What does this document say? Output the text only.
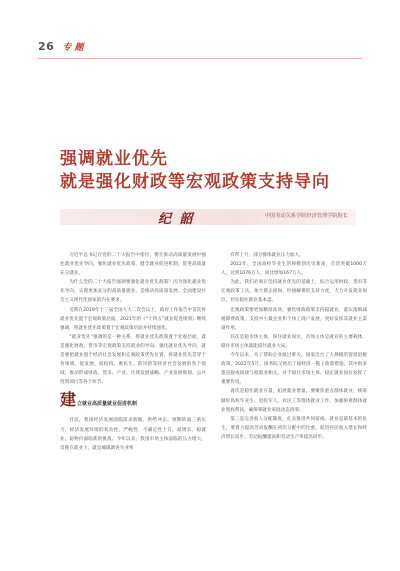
26 专 题
强调就业优先
就是强化财政等宏观政策支持导向
纪 韶	中国劳动关系学院经济管理学院院长

习近平总书记在党的二十大报告中指出，要在推动高质量发展中强化就业优先导向，强化就业优先政策，健全就业促进机制，促进高质量充分就业。

为什么党的二十大报告强调要强化就业优先政策？因为强化就业优先导向，实现更加充分的高质量就业，是推动高质量发展、全面建设社会主义现代化国家的内在要求。

近期在2019年十三届全国人大二次会议上，政府工作报告中首次将就业优先置于宏观政策层面。2021年的《“十四五”就业促进规划》继续强调，将就业优先政策置于宏观政策层面并持续强化。

“就业优先”强调的是一种关系，将就业优先政策置于宏观层面，就是强化财政、货币等宏观政策支持就业的导向。强化就业优先导向，就是要把就业置于经济社会发展和宏观政策优先位置，将就业优先贯穿于各领域、促发展、稳结构、惠民生、防风险等经济社会发展的各个领域，推动形成财政、货币、产业、区域发展战略、产业发展规划、公共投资项目等各个环节。

建 立就业高质量就业促进机制

目前，我国经济发展面临需求收缩、供给冲击、预期转弱三重压力，经济发展环境的复杂性、严峻性、不确定性上升，稳增长、稳就业、稳物价面临新的挑战。今年以来，我国市场主体面临的压力增大，反映在就业上，就是城镇调查失业率

有所上升，部分群体就业压力加大。

2022年，全国高校毕业生的规模创历史新高，首次突破1000万人，达到1076万人，同比增加167万人。

为此，我们必须在坚持就业优先的基础上，综合运用财政、货币等宏观政策工具，加大援企稳岗、纾困解难的支持力度，大力开发就业岗位，切实稳住就业基本盘。

宏观政策要更加精准高效。强化财政政策支持稳就业，落实落细减税降费政策，支持中小微企业和个体工商户发展，更好发挥其就业主渠道作用。

其次是稳市场主体，保住就业岗位。市场主体是就业的主要载体，稳住市场主体就能稳住就业大局。

今年以来，为了帮助企业渡过难关，国家出台了大规模的留抵退税政策。2022年5月，国务院又推出了稳经济一揽子政策措施，其中很多都直接或间接与稳就业相关，对于稳住市场主体、稳定就业岗位发挥了重要作用。

再次是稳住就业存量，拓展就业增量。要聚焦重点群体就业，统筹做好高校毕业生、退役军人、农民工等群体就业工作，加强困难群体就业兜底帮扶，确保零就业家庭动态清零。

第三是完善收入分配制度，扎实推进共同富裕。就业是最基本的民生，要着力提高劳动报酬在初次分配中的比重，促进居民收入增长和经济增长同步、劳动报酬提高和劳动生产率提高同步。
